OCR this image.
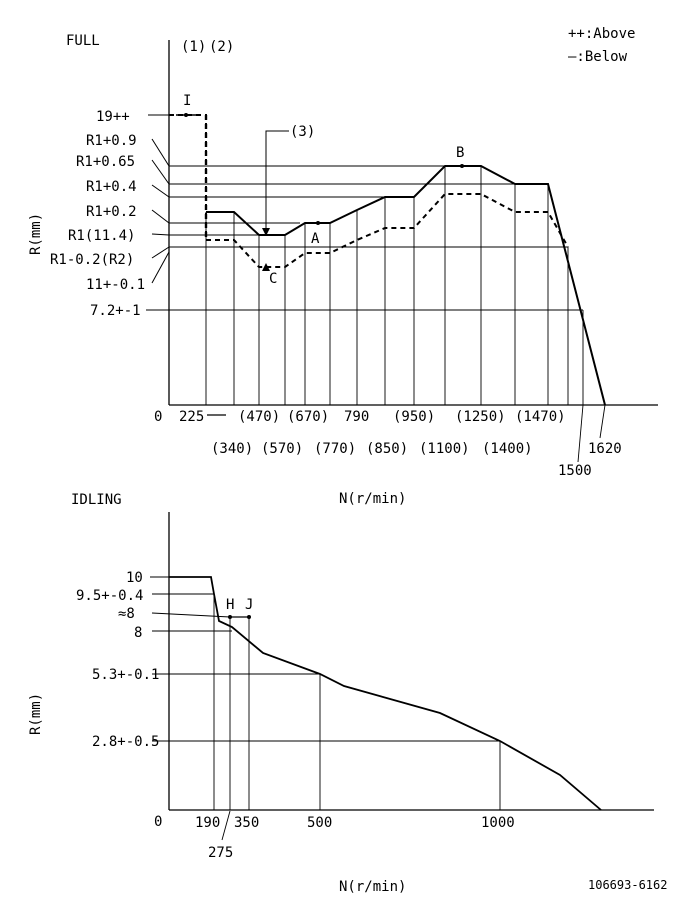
++:Above
—:Below
FULL	(1) (2)
(3)
0
R(mm)
19++
R1+0.9
R1+0.65
R1+0.4
R1+0.2
R1(11.4)
R1-0.2(R2)
11+-0.1
7.2+-1
I
B
A
C
225 (470) (670) 790 (950) (1250) (1470)
(340) (570) (770) (850) (1100) (1400)	1620
1500
N(r/min)
IDLING
0
R(mm)
10
9.5+-0.4
≈8
8
5.3+-0.1
2.8+-0.5
H J
190
275
350	500	1000
N(r/min)	106693-6162
